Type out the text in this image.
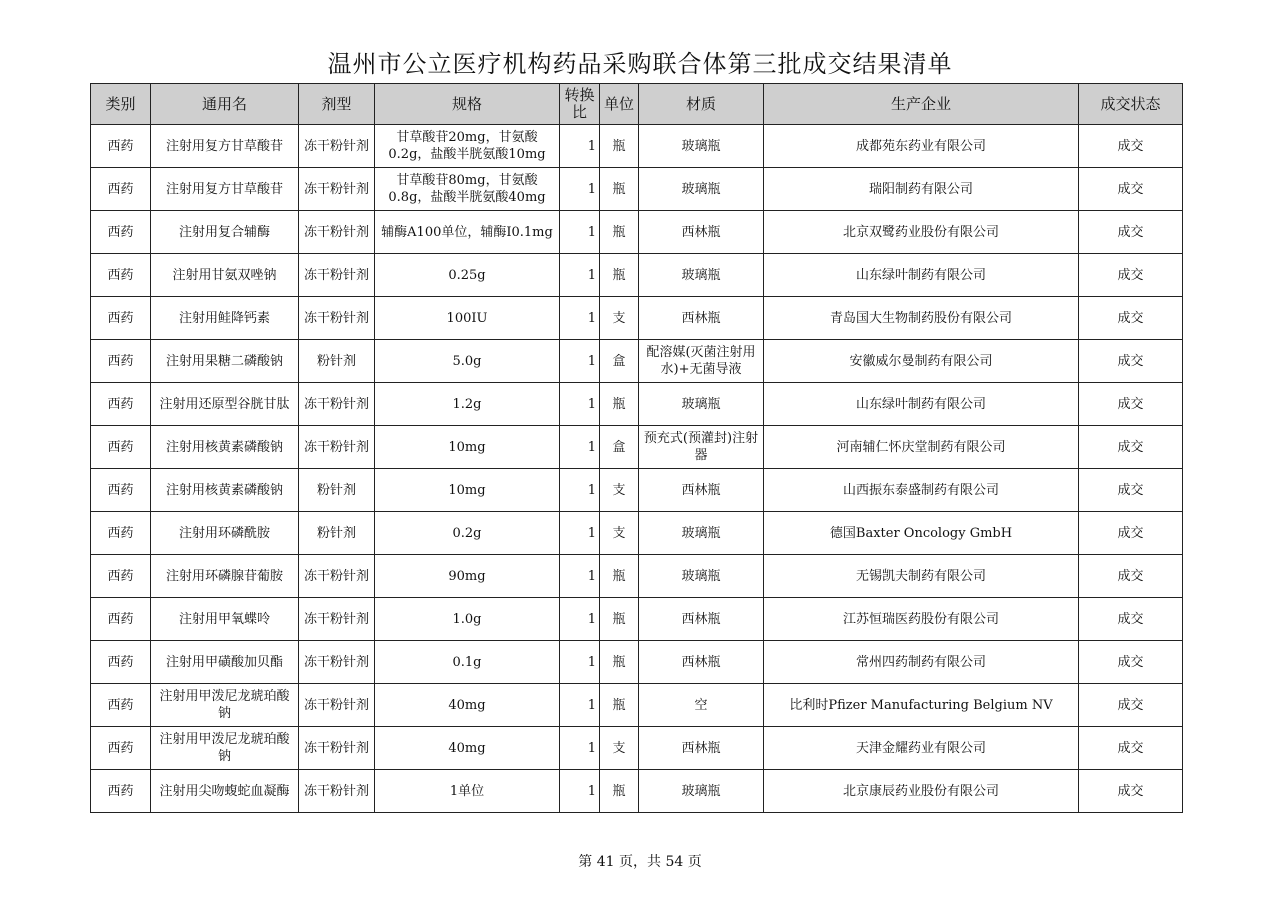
温州市公立医疗机构药品采购联合体第三批成交结果清单
类别	通用名	剂型	规格	转换比	单位	材质	生产企业	成交状态
西药	注射用复方甘草酸苷	冻干粉针剂	甘草酸苷20mg，甘氨酸0.2g，盐酸半胱氨酸10mg	1	瓶	玻璃瓶	成都苑东药业有限公司	成交
西药	注射用复方甘草酸苷	冻干粉针剂	甘草酸苷80mg，甘氨酸0.8g，盐酸半胱氨酸40mg	1	瓶	玻璃瓶	瑞阳制药有限公司	成交
西药	注射用复合辅酶	冻干粉针剂	辅酶A100单位，辅酶Ⅰ0.1mg	1	瓶	西林瓶	北京双鹭药业股份有限公司	成交
西药	注射用甘氨双唑钠	冻干粉针剂	0.25g	1	瓶	玻璃瓶	山东绿叶制药有限公司	成交
西药	注射用鲑降钙素	冻干粉针剂	100IU	1	支	西林瓶	青岛国大生物制药股份有限公司	成交
西药	注射用果糖二磷酸钠	粉针剂	5.0g	1	盒	配溶媒(灭菌注射用水)+无菌导液	安徽威尔曼制药有限公司	成交
西药	注射用还原型谷胱甘肽	冻干粉针剂	1.2g	1	瓶	玻璃瓶	山东绿叶制药有限公司	成交
西药	注射用核黄素磷酸钠	冻干粉针剂	10mg	1	盒	预充式(预灌封)注射器	河南辅仁怀庆堂制药有限公司	成交
西药	注射用核黄素磷酸钠	粉针剂	10mg	1	支	西林瓶	山西振东泰盛制药有限公司	成交
西药	注射用环磷酰胺	粉针剂	0.2g	1	支	玻璃瓶	德国Baxter Oncology GmbH	成交
西药	注射用环磷腺苷葡胺	冻干粉针剂	90mg	1	瓶	玻璃瓶	无锡凯夫制药有限公司	成交
西药	注射用甲氧蝶呤	冻干粉针剂	1.0g	1	瓶	西林瓶	江苏恒瑞医药股份有限公司	成交
西药	注射用甲磺酸加贝酯	冻干粉针剂	0.1g	1	瓶	西林瓶	常州四药制药有限公司	成交
西药	注射用甲泼尼龙琥珀酸钠	冻干粉针剂	40mg	1	瓶	空	比利时Pfizer Manufacturing Belgium NV	成交
西药	注射用甲泼尼龙琥珀酸钠	冻干粉针剂	40mg	1	支	西林瓶	天津金耀药业有限公司	成交
西药	注射用尖吻蝮蛇血凝酶	冻干粉针剂	1单位	1	瓶	玻璃瓶	北京康辰药业股份有限公司	成交
第 41 页，共 54 页
